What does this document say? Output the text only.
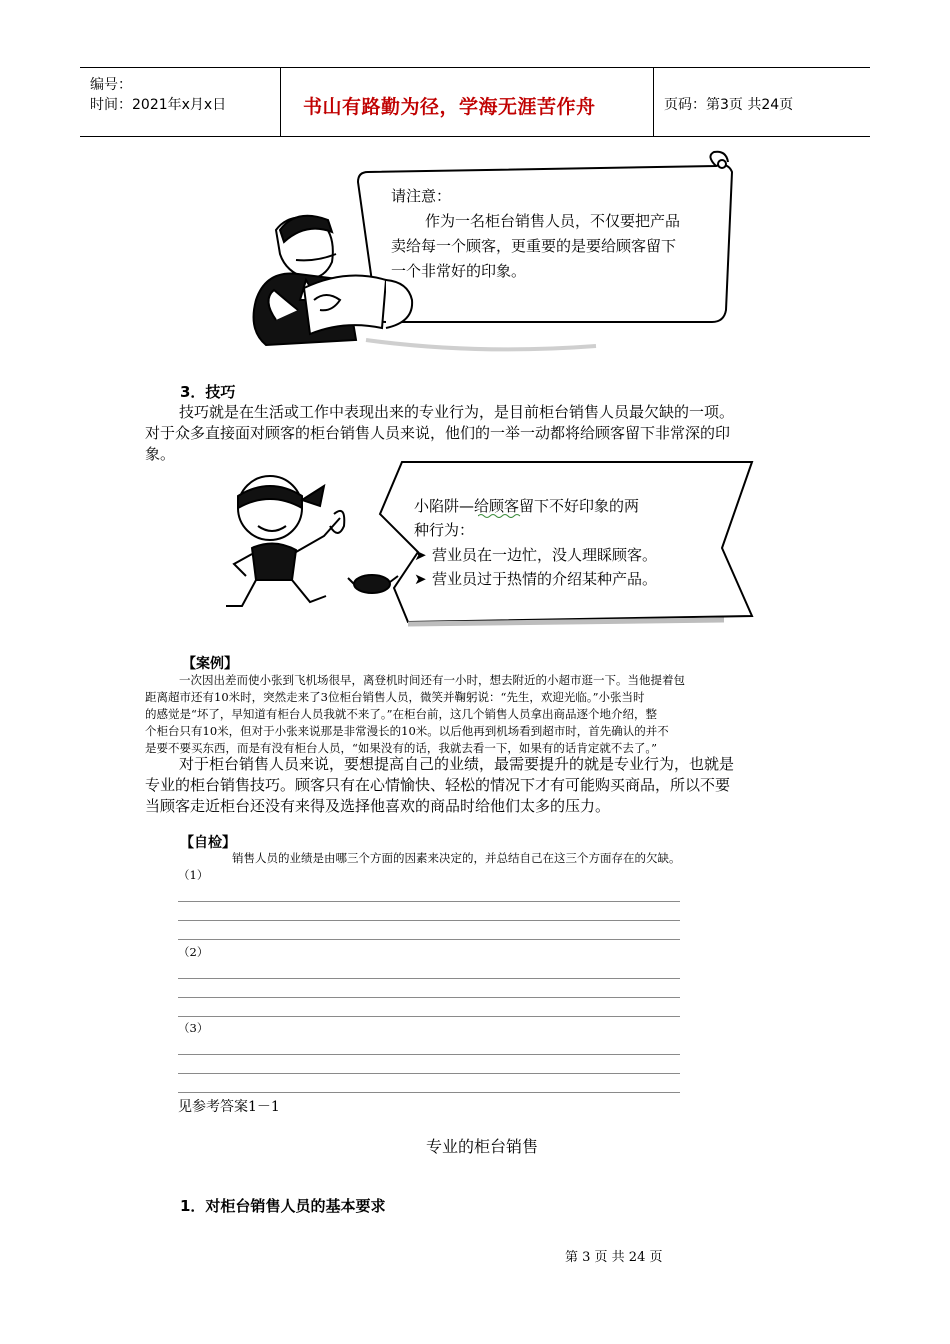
编号：
时间：2021年x月x日	书山有路勤为径，学海无涯苦作舟	页码：第3页 共24页
请注意：
作为一名柜台销售人员，不仅要把产品
卖给每一个顾客，更重要的是要给顾客留下
一个非常好的印象。
3．技巧
技巧就是在生活或工作中表现出来的专业行为，是目前柜台销售人员最欠缺的一项。
对于众多直接面对顾客的柜台销售人员来说，他们的一举一动都将给顾客留下非常深的印
象。
小陷阱—给顾客留下不好印象的两
种行为：
➤ 营业员在一边忙，没人理睬顾客。
➤ 营业员过于热情的介绍某种产品。
【案例】
一次因出差而使小张到飞机场很早，离登机时间还有一小时，想去附近的小超市逛一下。当他提着包
距离超市还有10米时，突然走来了3位柜台销售人员，微笑并鞠躬说：“先生，欢迎光临。”小张当时
的感觉是“坏了，早知道有柜台人员我就不来了。”在柜台前，这几个销售人员拿出商品逐个地介绍，整
个柜台只有10米，但对于小张来说那是非常漫长的10米。以后他再到机场看到超市时，首先确认的并不
是要不要买东西，而是有没有柜台人员，“如果没有的话，我就去看一下，如果有的话肯定就不去了。”
对于柜台销售人员来说，要想提高自己的业绩，最需要提升的就是专业行为，也就是
专业的柜台销售技巧。顾客只有在心情愉快、轻松的情况下才有可能购买商品，所以不要
当顾客走近柜台还没有来得及选择他喜欢的商品时给他们太多的压力。
【自检】
销售人员的业绩是由哪三个方面的因素来决定的，并总结自己在这三个方面存在的欠缺。
（1）
（2）
（3）
见参考答案1－1
专业的柜台销售
1．对柜台销售人员的基本要求
第 3 页 共 24 页
